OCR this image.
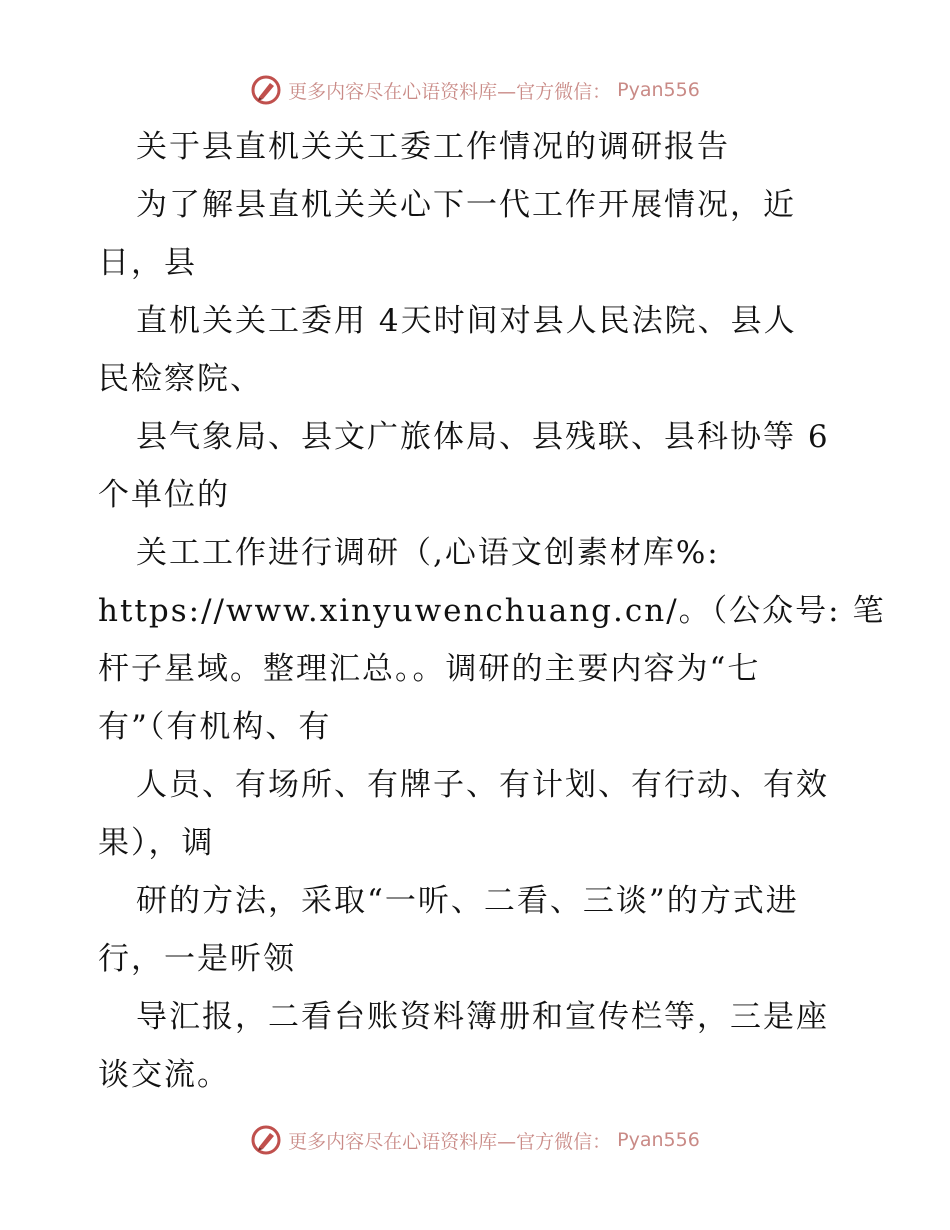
更多内容尽在心语资料库—官方微信： Pyan556
关于县直机关关工委工作情况的调研报告
为了解县直机关关心下一代工作开展情况，近
日，县
直机关关工委用 4天时间对县人民法院、县人
民检察院、
县气象局、县文广旅体局、县残联、县科协等 6
个单位的
关工工作进行调研（,心语文创素材库%:
https://www.xinyuwenchuang.cn/。（公众号: 笔
杆子星域。整理汇总。。调研的主要内容为“七
有”（有机构、有
人员、有场所、有牌子、有计划、有行动、有效
果），调
研的方法，采取“一听、二看、三谈”的方式进
行，一是听领
导汇报，二看台账资料簿册和宣传栏等，三是座
谈交流。
更多内容尽在心语资料库—官方微信： Pyan556
